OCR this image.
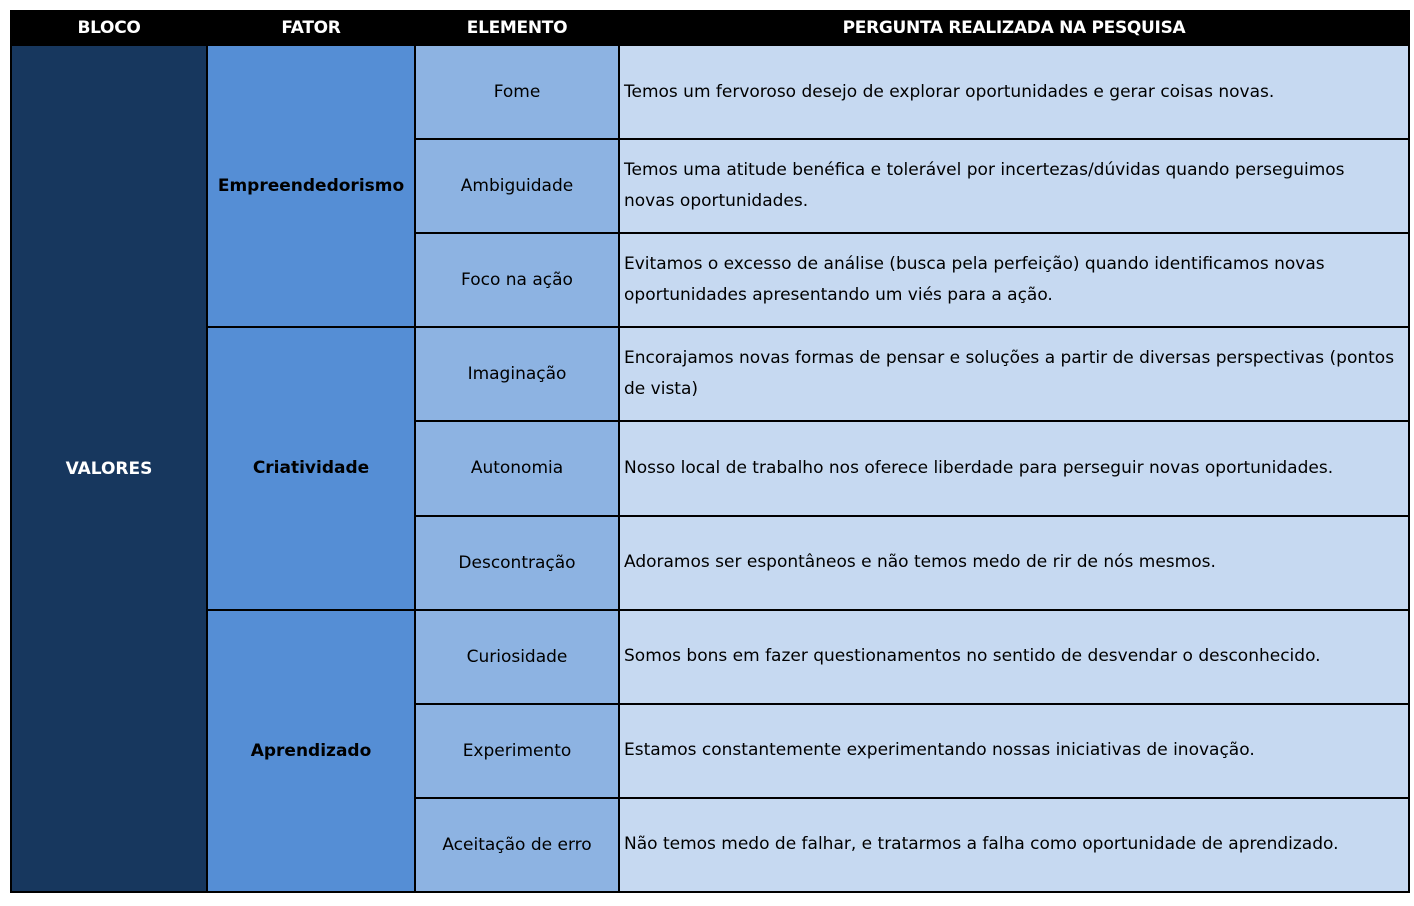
BLOCO	FATOR	ELEMENTO	PERGUNTA REALIZADA NA PESQUISA
VALORES	Empreendedorismo	Fome	Temos um fervoroso desejo de explorar oportunidades e gerar coisas novas.

		Ambiguidade	Temos uma atitude benéfica e tolerável por incertezas/dúvidas quando perseguimos novas oportunidades.

		Foco na ação	Evitamos o excesso de análise (busca pela perfeição) quando identificamos novas oportunidades apresentando um viés para a ação.

	Criatividade	Imaginação	Encorajamos novas formas de pensar e soluções a partir de diversas perspectivas (pontos de vista)

		Autonomia	Nosso local de trabalho nos oferece liberdade para perseguir novas oportunidades.

		Descontração	Adoramos ser espontâneos e não temos medo de rir de nós mesmos.

	Aprendizado	Curiosidade	Somos bons em fazer questionamentos no sentido de desvendar o desconhecido.

		Experimento	Estamos constantemente experimentando nossas iniciativas de inovação.

		Aceitação de erro	Não temos medo de falhar, e tratarmos a falha como oportunidade de aprendizado.
